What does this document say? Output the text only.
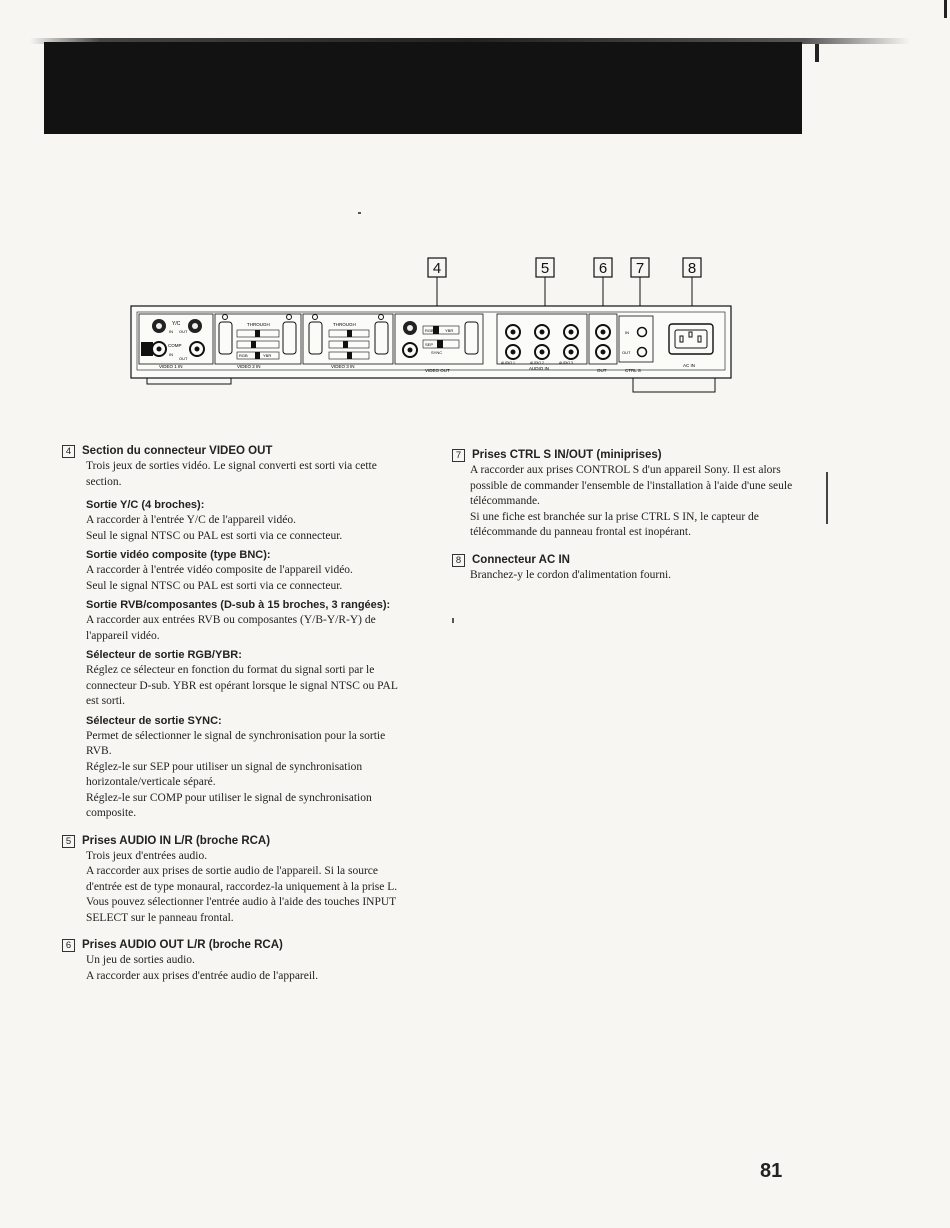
4	5	6 7	8
Y/C
IN OUT
COMP
IN
OUT
VIDEO 1 IN
THROUGH
RGB	YBR
VIDEO 2 IN
THROUGH
VIDEO 3 IN
RGB	YBR
SEP
SYNC
VIDEO OUT
AUDIO 1	AUDIO 2	AUDIO 3
AUDIO IN	OUT
IN
OUT
CTRL S
AC IN
4 Section du connecteur VIDEO OUT

Trois jeux de sorties vidéo. Le signal converti est sorti via cette section.

Sortie Y/C (4 broches):

A raccorder à l'entrée Y/C de l'appareil vidéo.
Seul le signal NTSC ou PAL est sorti via ce connecteur.

Sortie vidéo composite (type BNC):

A raccorder à l'entrée vidéo composite de l'appareil vidéo.
Seul le signal NTSC ou PAL est sorti via ce connecteur.

Sortie RVB/composantes (D-sub à 15 broches, 3 rangées):

A raccorder aux entrées RVB ou composantes (Y/B-Y/R-Y) de l'appareil vidéo.

Sélecteur de sortie RGB/YBR:

Réglez ce sélecteur en fonction du format du signal sorti par le connecteur D-sub. YBR est opérant lorsque le signal NTSC ou PAL est sorti.

Sélecteur de sortie SYNC:

Permet de sélectionner le signal de synchronisation pour la sortie RVB.
Réglez-le sur SEP pour utiliser un signal de synchronisation horizontale/verticale séparé.
Réglez-le sur COMP pour utiliser le signal de synchronisation composite.

5 Prises AUDIO IN L/R (broche RCA)

Trois jeux d'entrées audio.
A raccorder aux prises de sortie audio de l'appareil. Si la source d'entrée est de type monaural, raccordez-la uniquement à la prise L.
Vous pouvez sélectionner l'entrée audio à l'aide des touches INPUT SELECT sur le panneau frontal.

6 Prises AUDIO OUT L/R (broche RCA)

Un jeu de sorties audio.
A raccorder aux prises d'entrée audio de l'appareil.

7 Prises CTRL S IN/OUT (miniprises)

A raccorder aux prises CONTROL S d'un appareil Sony. Il est alors possible de commander l'ensemble de l'installation à l'aide d'une seule télécommande.
Si une fiche est branchée sur la prise CTRL S IN, le capteur de télécommande du panneau frontal est inopérant.

8 Connecteur AC IN

Branchez-y le cordon d'alimentation fourni.

81
